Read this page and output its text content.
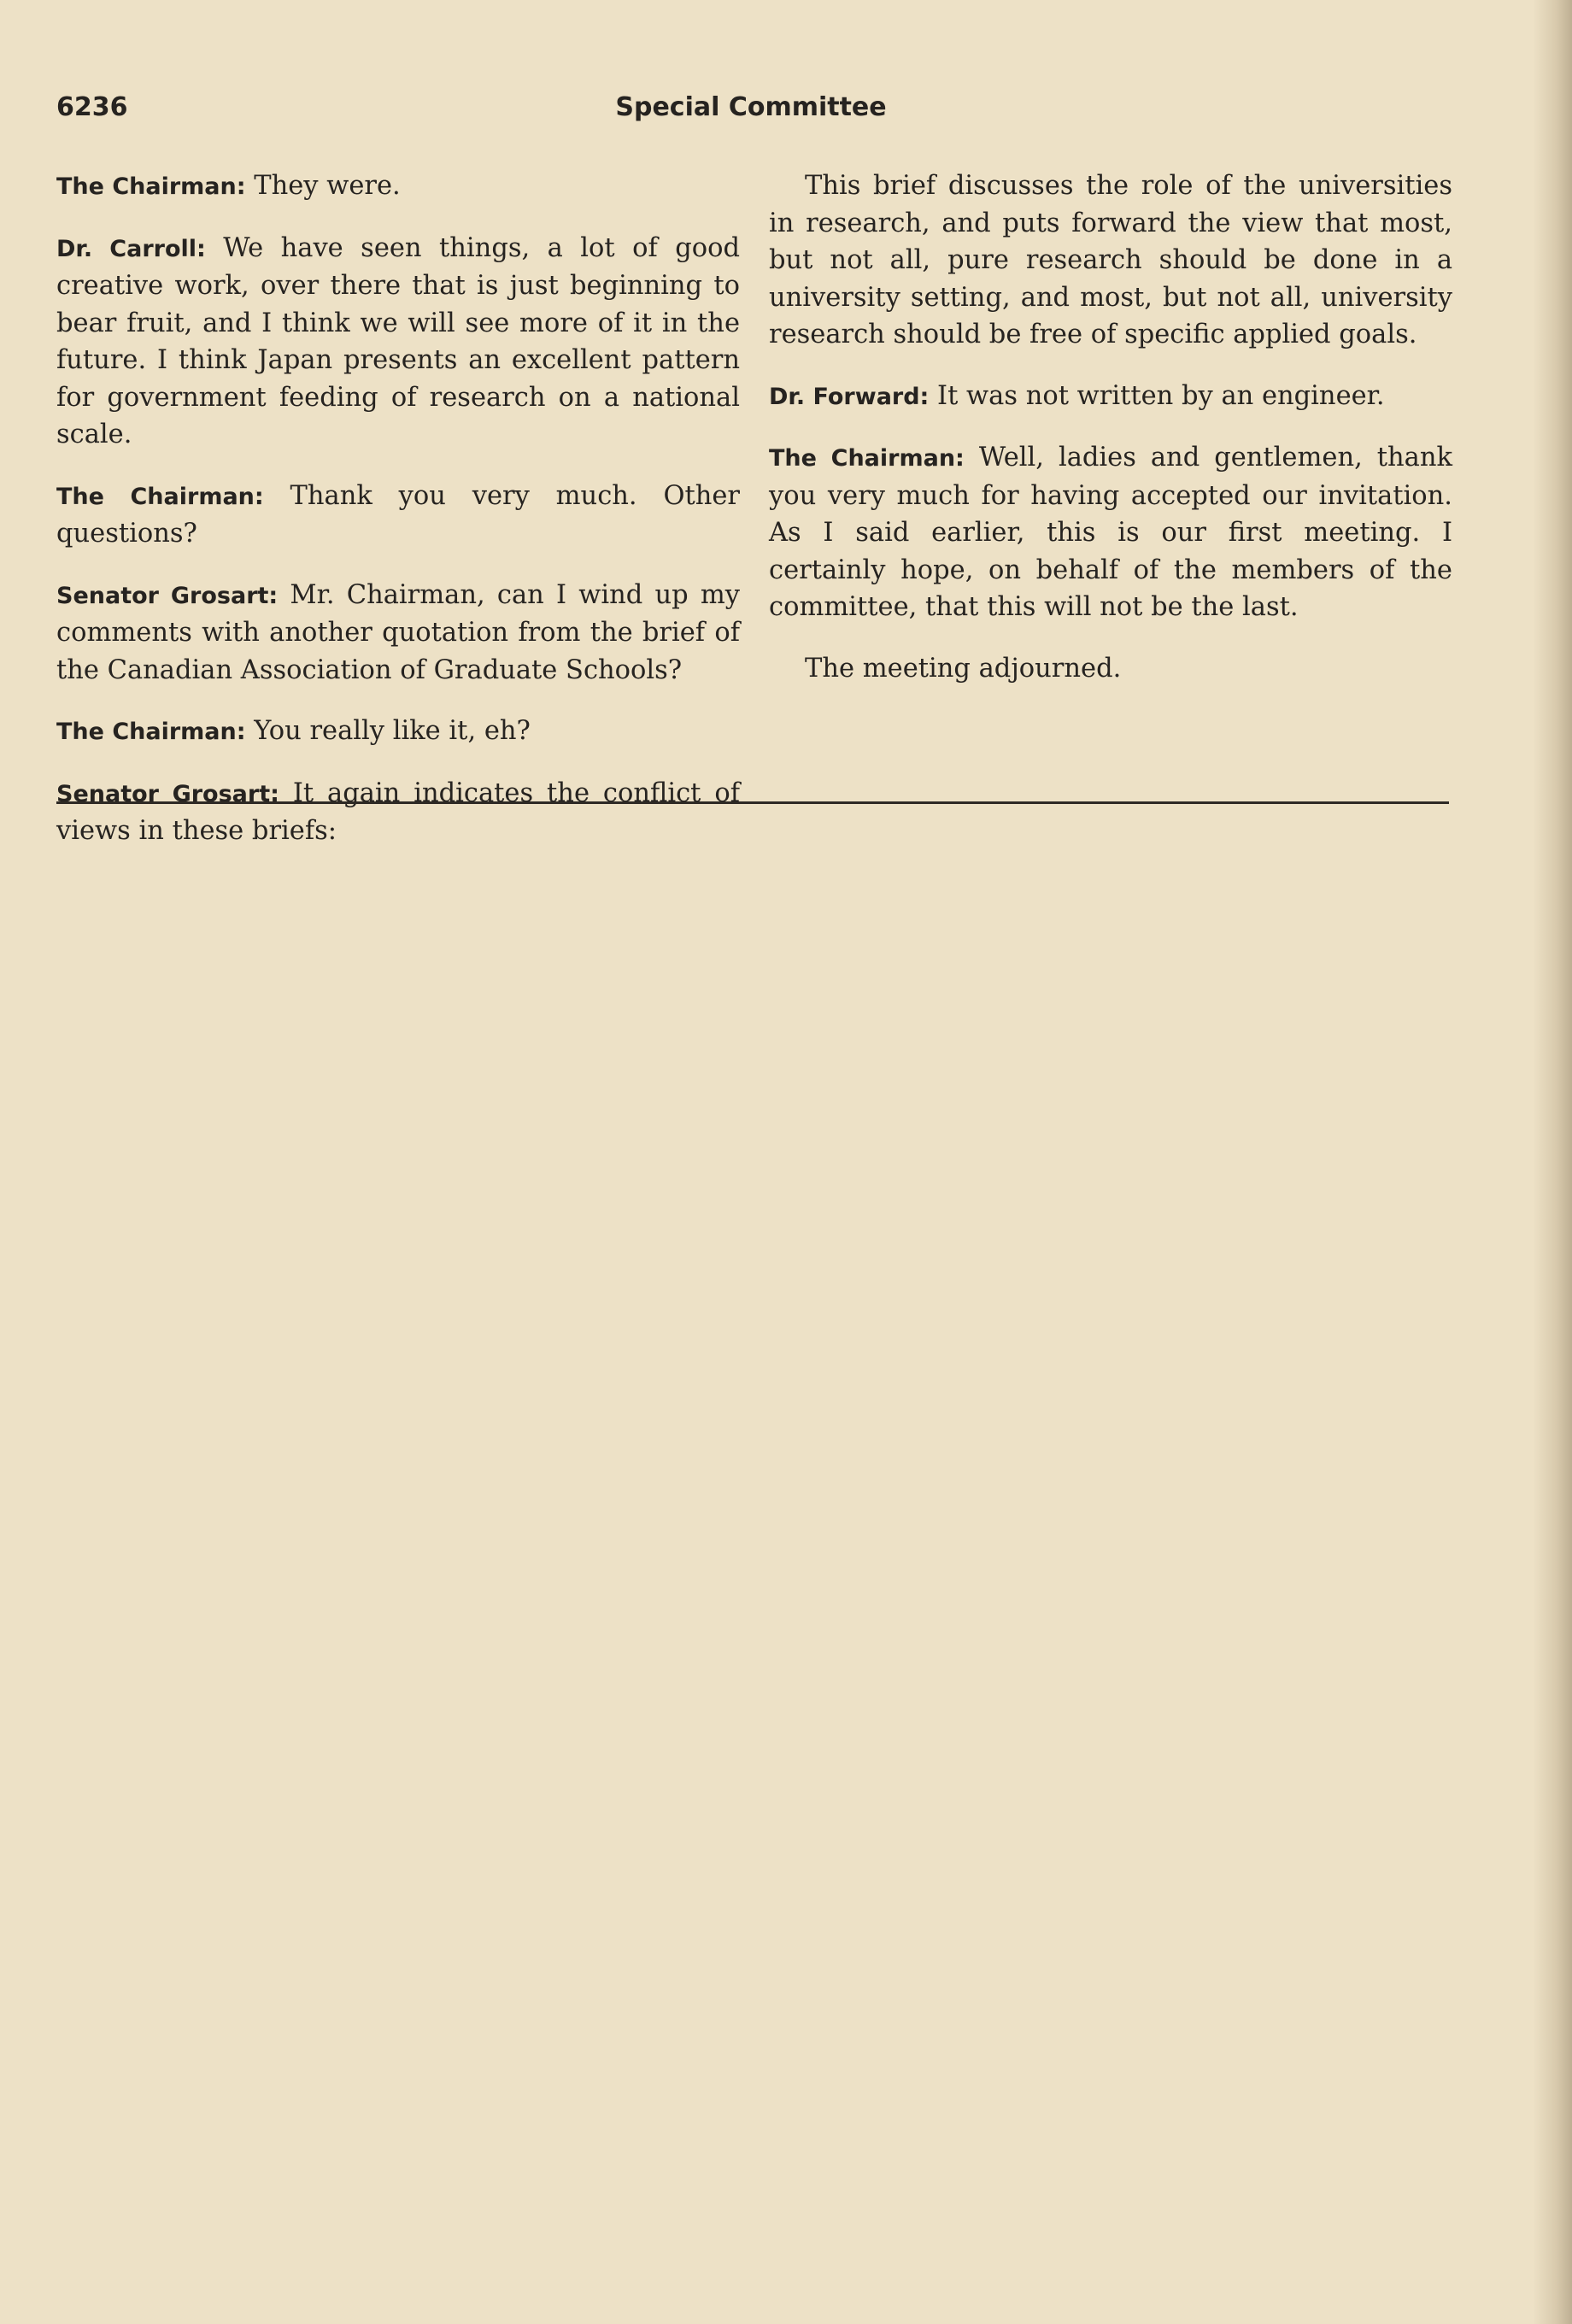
6236	Special Committee

The Chairman: They were.

Dr. Carroll: We have seen things, a lot of good creative work, over there that is just beginning to bear fruit, and I think we will see more of it in the future. I think Japan presents an excellent pattern for government feeding of research on a national scale.

The Chairman: Thank you very much. Other questions?

Senator Grosart: Mr. Chairman, can I wind up my comments with another quotation from the brief of the Canadian Association of Graduate Schools?

The Chairman: You really like it, eh?

Senator Grosart: It again indicates the conflict of views in these briefs:

This brief discusses the role of the universities in research, and puts forward the view that most, but not all, pure research should be done in a university setting, and most, but not all, university research should be free of specific applied goals.

Dr. Forward: It was not written by an engineer.

The Chairman: Well, ladies and gentlemen, thank you very much for having accepted our invitation. As I said earlier, this is our first meeting. I certainly hope, on behalf of the members of the committee, that this will not be the last.

The meeting adjourned.
